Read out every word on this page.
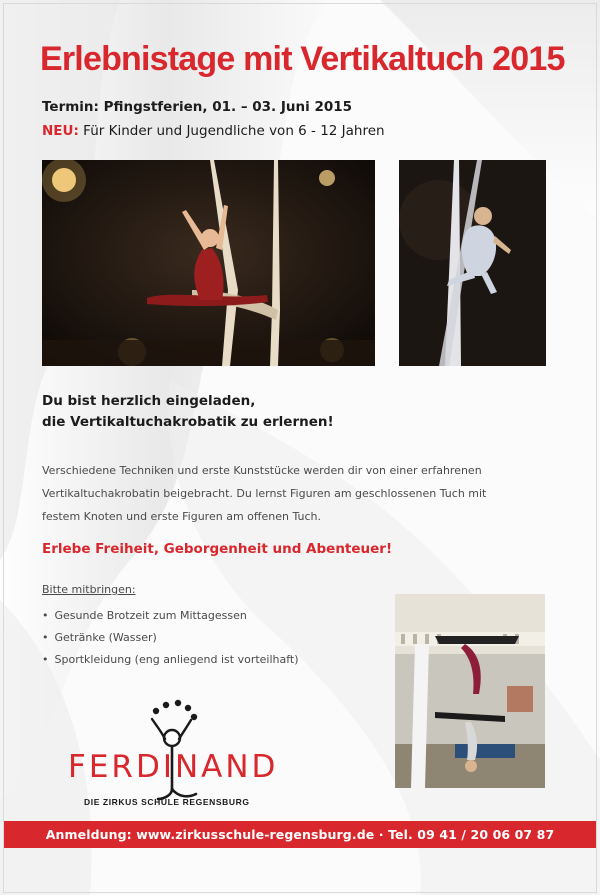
Erlebnistage mit Vertikaltuch 2015
Termin: Pfingstferien, 01. – 03. Juni 2015
NEU: Für Kinder und Jugendliche von 6 - 12 Jahren
Du bist herzlich eingeladen,
die Vertikaltuchakrobatik zu erlernen!
Verschiedene Techniken und erste Kunststücke werden dir von einer erfahrenen
Vertikaltuchakrobatin beigebracht. Du lernst Figuren am geschlossenen Tuch mit
festem Knoten und erste Figuren am offenen Tuch.
Erlebe Freiheit, Geborgenheit und Abenteuer!
Bitte mitbringen:
• Gesunde Brotzeit zum Mittagessen
• Getränke (Wasser)
• Sportkleidung (eng anliegend ist vorteilhaft)
FERDINAND
DIE ZIRKUS SCHULE REGENSBURG
Anmeldung: www.zirkusschule-regensburg.de · Tel. 09 41 / 20 06 07 87
